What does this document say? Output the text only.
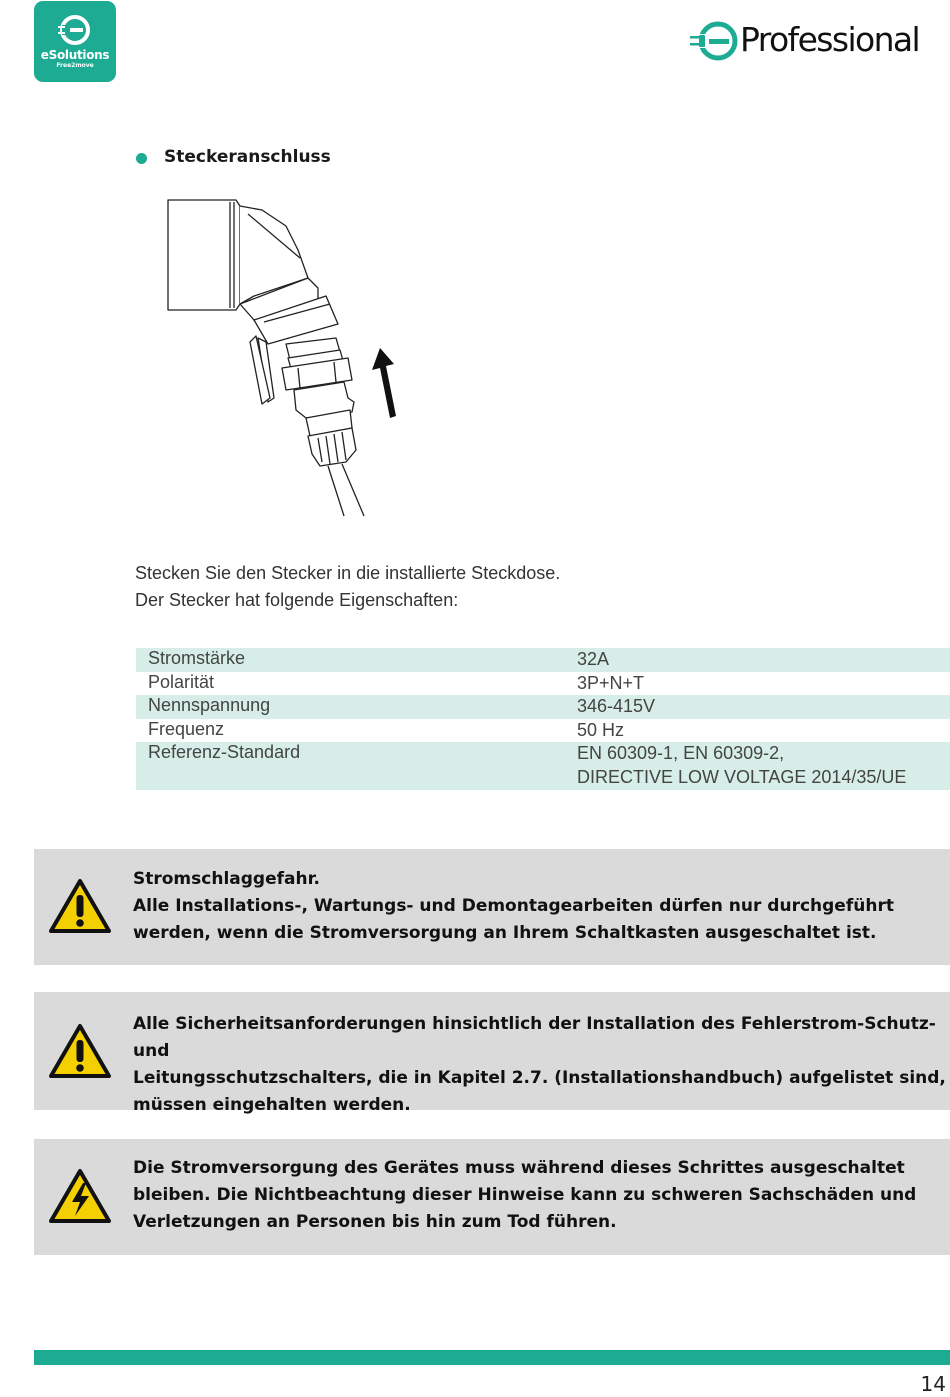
eSolutions
Free2move
Professional
Steckeranschluss
Stecken Sie den Stecker in die installierte Steckdose.
Der Stecker hat folgende Eigenschaften:
Stromstärke	32A
Polarität	3P+N+T
Nennspannung	346-415V
Frequenz	50 Hz
Referenz-Standard	EN 60309-1, EN 60309-2,
DIRECTIVE LOW VOLTAGE 2014/35/UE
Stromschlaggefahr.
Alle Installations-, Wartungs- und Demontagearbeiten dürfen nur durchgeführt
werden, wenn die Stromversorgung an Ihrem Schaltkasten ausgeschaltet ist.
Alle Sicherheitsanforderungen hinsichtlich der Installation des Fehlerstrom-Schutz- und
Leitungsschutzschalters, die in Kapitel 2.7. (Installationshandbuch) aufgelistet sind,
müssen eingehalten werden.
Die Stromversorgung des Gerätes muss während dieses Schrittes ausgeschaltet
bleiben. Die Nichtbeachtung dieser Hinweise kann zu schweren Sachschäden und
Verletzungen an Personen bis hin zum Tod führen.
14
